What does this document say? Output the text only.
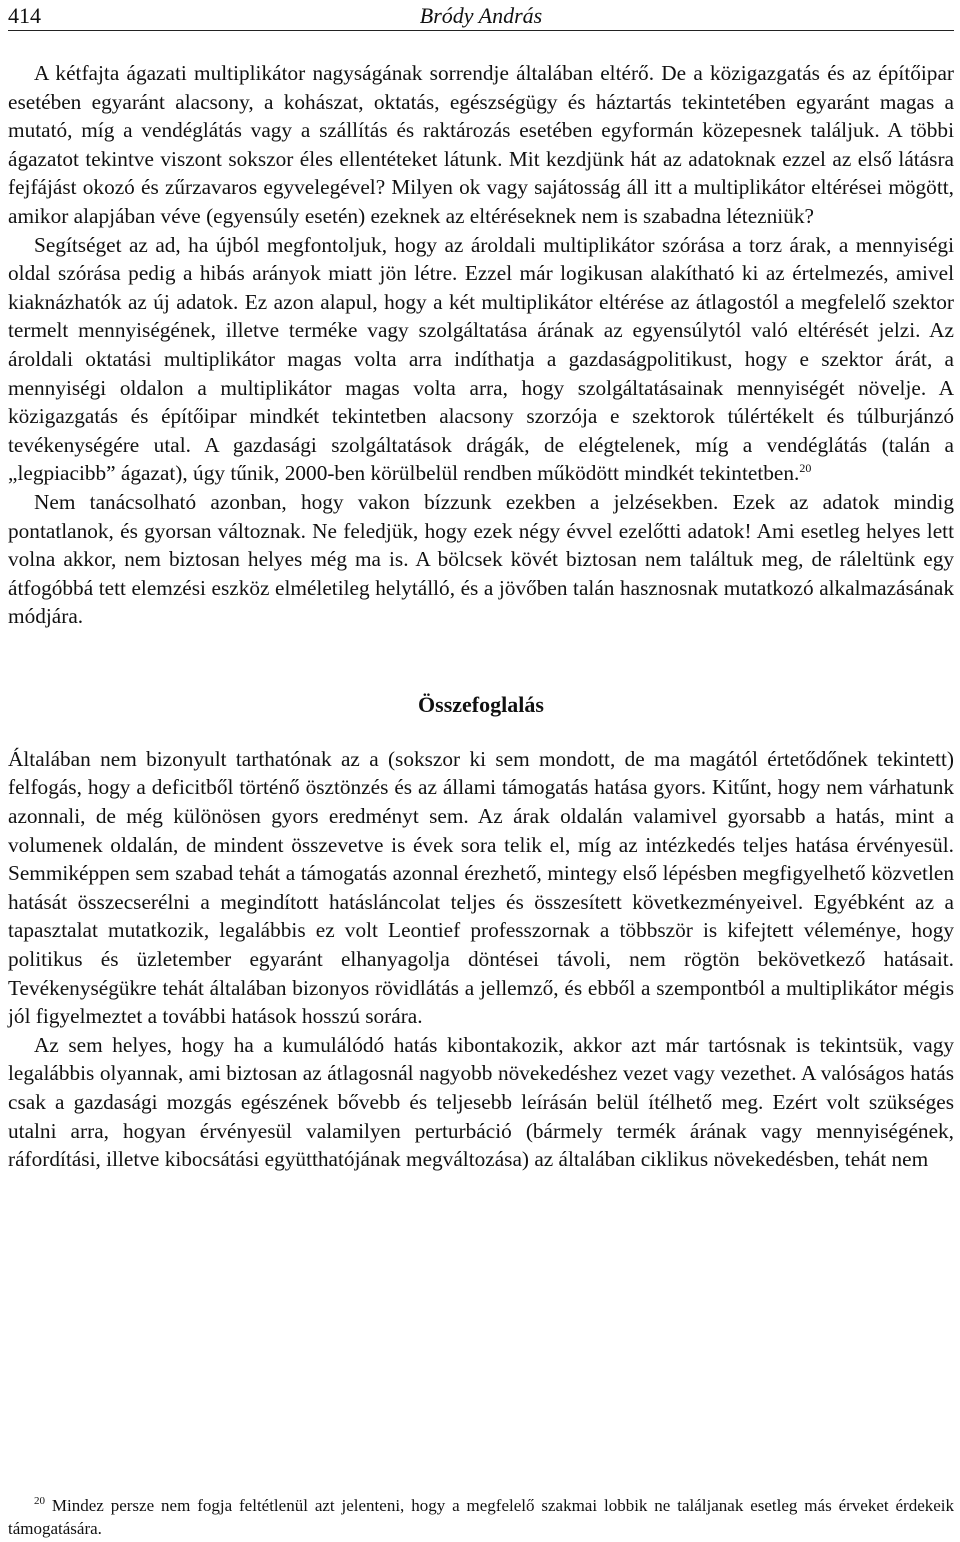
414	Bródy András

A kétfajta ágazati multiplikátor nagyságának sorrendje általában eltérő. De a közigazgatás és az építőipar esetében egyaránt alacsony, a kohászat, oktatás, egészségügy és háztartás tekintetében egyaránt magas a mutató, míg a vendéglátás vagy a szállítás és raktározás esetében egyformán közepesnek találjuk. A többi ágazatot tekintve viszont sokszor éles ellentéteket látunk. Mit kezdjünk hát az adatoknak ezzel az első látásra fejfájást okozó és zűrzavaros egyvelegével? Milyen ok vagy sajátosság áll itt a multiplikátor eltérései mögött, amikor alapjában véve (egyensúly esetén) ezeknek az eltéréseknek nem is szabadna létezniük?

Segítséget az ad, ha újból megfontoljuk, hogy az ároldali multiplikátor szórása a torz árak, a mennyiségi oldal szórása pedig a hibás arányok miatt jön létre. Ezzel már logikusan alakítható ki az értelmezés, amivel kiaknázhatók az új adatok. Ez azon alapul, hogy a két multiplikátor eltérése az átlagostól a megfelelő szektor termelt mennyiségének, illetve terméke vagy szolgáltatása árának az egyensúlytól való eltérését jelzi. Az ároldali oktatási multiplikátor magas volta arra indíthatja a gazdaságpolitikust, hogy e szektor árát, a mennyiségi oldalon a multiplikátor magas volta arra, hogy szolgáltatásainak mennyiségét növelje. A közigazgatás és építőipar mindkét tekintetben alacsony szorzója e szektorok túlértékelt és túlburjánzó tevékenységére utal. A gazdasági szolgáltatások drágák, de elégtelenek, míg a vendéglátás (talán a „legpiacibb” ágazat), úgy tűnik, 2000-ben körülbelül rendben működött mindkét tekintetben.$^{20}$

Nem tanácsolható azonban, hogy vakon bízzunk ezekben a jelzésekben. Ezek az adatok mindig pontatlanok, és gyorsan változnak. Ne feledjük, hogy ezek négy évvel ezelőtti adatok! Ami esetleg helyes lett volna akkor, nem biztosan helyes még ma is. A bölcsek kövét biztosan nem találtuk meg, de ráleltünk egy átfogóbbá tett elemzési eszköz elméletileg helytálló, és a jövőben talán hasznosnak mutatkozó alkalmazásának módjára.

Összefoglalás

Általában nem bizonyult tarthatónak az a (sokszor ki sem mondott, de ma magától értetődőnek tekintett) felfogás, hogy a deficitből történő ösztönzés és az állami támogatás hatása gyors. Kitűnt, hogy nem várhatunk azonnali, de még különösen gyors eredményt sem. Az árak oldalán valamivel gyorsabb a hatás, mint a volumenek oldalán, de mindent összevetve is évek sora telik el, míg az intézkedés teljes hatása érvényesül. Semmiképpen sem szabad tehát a támogatás azonnal érezhető, mintegy első lépésben megfigyelhető közvetlen hatását összecserélni a megindított hatásláncolat teljes és összesített következményeivel. Egyébként az a tapasztalat mutatkozik, legalábbis ez volt Leontief professzornak a többször is kifejtett véleménye, hogy politikus és üzletember egyaránt elhanyagolja döntései távoli, nem rögtön bekövetkező hatásait. Tevékenységükre tehát általában bizonyos rövidlátás a jellemző, és ebből a szempontból a multiplikátor mégis jól figyelmeztet a további hatások hosszú sorára.

Az sem helyes, hogy ha a kumulálódó hatás kibontakozik, akkor azt már tartósnak is tekintsük, vagy legalábbis olyannak, ami biztosan az átlagosnál nagyobb növekedéshez vezet vagy vezethet. A valóságos hatás csak a gazdasági mozgás egészének bővebb és teljesebb leírásán belül ítélhető meg. Ezért volt szükséges utalni arra, hogyan érvényesül valamilyen perturbáció (bármely termék árának vagy mennyiségének, ráfordítási, illetve kibocsátási együtthatójának megváltozása) az általában ciklikus növekedésben, tehát nem

$^{20}$ Mindez persze nem fogja feltétlenül azt jelenteni, hogy a megfelelő szakmai lobbik ne találjanak esetleg más érveket érdekeik támogatására.
